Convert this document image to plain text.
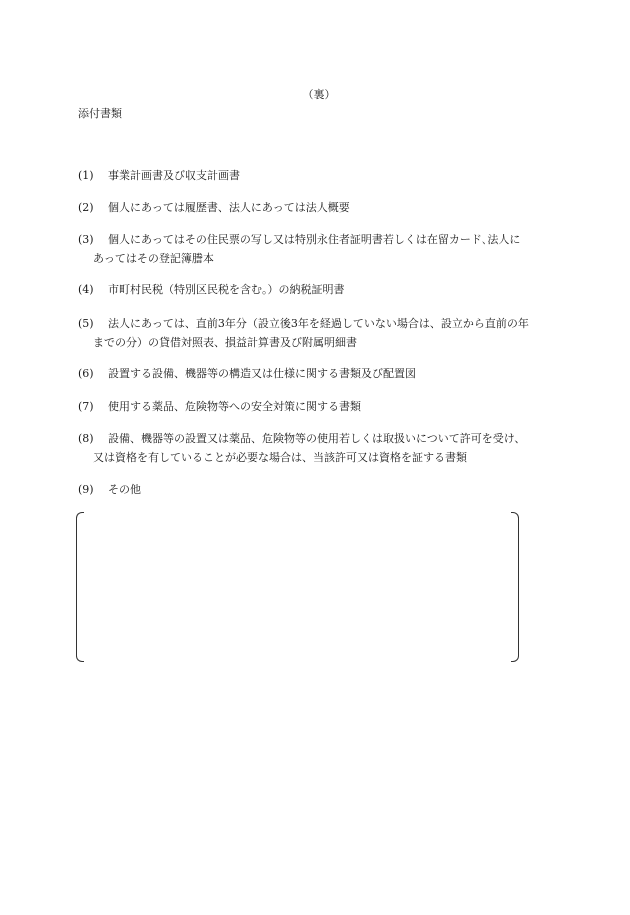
（裏）
添付書類
(1)	事業計画書及び収支計画書
(2)	個人にあっては履歴書、法人にあっては法人概要
(3)	個人にあってはその住民票の写し又は特別永住者証明書若しくは在留カード､法人に
あってはその登記簿謄本
(4)	市町村民税（特別区民税を含む。）の納税証明書
(5)	法人にあっては、直前3年分（設立後3年を経過していない場合は、設立から直前の年
までの分）の貸借対照表、損益計算書及び附属明細書
(6)	設置する設備、機器等の構造又は仕様に関する書類及び配置図
(7)	使用する薬品、危険物等への安全対策に関する書類
(8)	設備、機器等の設置又は薬品、危険物等の使用若しくは取扱いについて許可を受け、
又は資格を有していることが必要な場合は、当該許可又は資格を証する書類
(9)	その他
